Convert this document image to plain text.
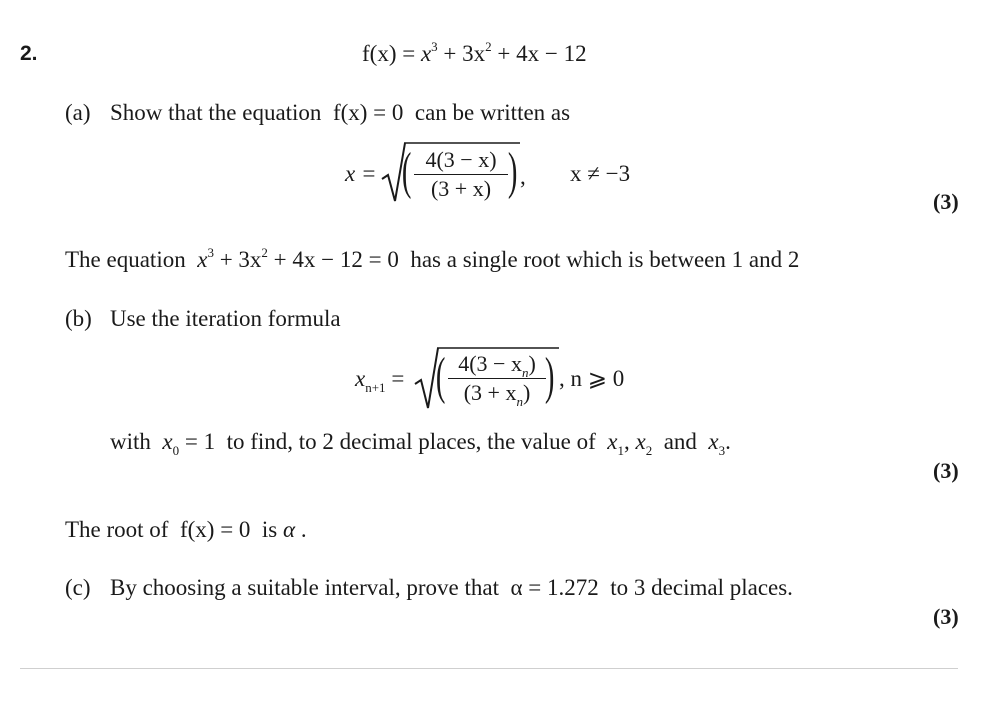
2.	$f(x) = x^3 + 3x^2 + 4x - 12$
(a) Show that the equation f(x) = 0 can be written as
x = ( 4(3 − x)
(3 + x) ) , x ≠ −3
(3)
The equation $x^3 + 3x^2 + 4x - 12 = 0$ has a single root which is between 1 and 2
(b) Use the iteration formula
$x_{n+1}$ = ( $4(3 - x_n)$
$(3 + x_n)$ ) , n ⩾ 0
with $x_0 = 1$ to find, to 2 decimal places, the value of $x_1$, $x_2$ and $x_3$.
(3)
The root of f(x) = 0 is α .
(c) By choosing a suitable interval, prove that α = 1.272 to 3 decimal places.
(3)
